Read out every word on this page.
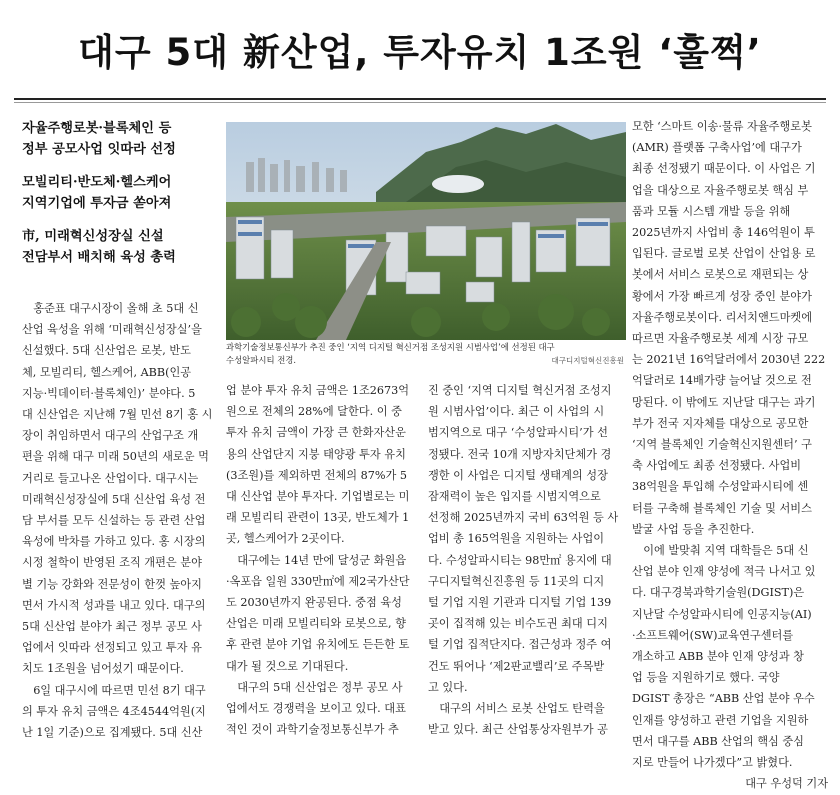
대구 5대 新산업, 투자유치 1조원 ‘훌쩍’
자율주행로봇·블록체인 등
정부 공모사업 잇따라 선정
모빌리티·반도체·헬스케어
지역기업에 투자금 쏟아져
市, 미래혁신성장실 신설
전담부서 배치해 육성 총력
과학기술정보통신부가 추진 중인 ‘지역 디지털 혁신거점 조성지원 시범사업’에 선정된 대구
수성알파시티 전경.	대구디지털혁신진흥원
　홍준표 대구시장이 올해 초 5대 신
산업 육성을 위해 ‘미래혁신성장실’을
신설했다. 5대 신산업은 로봇, 반도
체, 모빌리티, 헬스케어, ABB(인공
지능·빅데이터·블록체인)’ 분야다. 5
대 신산업은 지난해 7월 민선 8기 홍 시
장이 취임하면서 대구의 산업구조 개
편을 위해 대구 미래 50년의 새로운 먹
거리로 들고나온 산업이다. 대구시는
미래혁신성장실에 5대 신산업 육성 전
담 부서를 모두 신설하는 등 관련 산업
육성에 박차를 가하고 있다. 홍 시장의
시정 철학이 반영된 조직 개편은 분야
별 기능 강화와 전문성이 한껏 높아지
면서 가시적 성과를 내고 있다. 대구의
5대 신산업 분야가 최근 정부 공모 사
업에서 잇따라 선정되고 있고 투자 유
치도 1조원을 넘어섰기 때문이다.
　6일 대구시에 따르면 민선 8기 대구
의 투자 유치 금액은 4조4544억원(지
난 1일 기준)으로 집계됐다. 5대 신산
업 분야 투자 유치 금액은 1조2673억
원으로 전체의 28%에 달한다. 이 중
투자 유치 금액이 가장 큰 한화자산운
용의 산업단지 지붕 태양광 투자 유치
(3조원)를 제외하면 전체의 87%가 5
대 신산업 분야 투자다. 기업별로는 미
래 모빌리티 관련이 13곳, 반도체가 1
곳, 헬스케어가 2곳이다.
　대구에는 14년 만에 달성군 화원읍
·옥포읍 일원 330만㎡에 제2국가산단
도 2030년까지 완공된다. 중점 육성
산업은 미래 모빌리티와 로봇으로, 향
후 관련 분야 기업 유치에도 든든한 토
대가 될 것으로 기대된다.
　대구의 5대 신산업은 정부 공모 사
업에서도 경쟁력을 보이고 있다. 대표
적인 것이 과학기술정보통신부가 추
진 중인 ‘지역 디지털 혁신거점 조성지
원 시범사업’이다. 최근 이 사업의 시
범지역으로 대구 ‘수성알파시티’가 선
정됐다. 전국 10개 지방자치단체가 경
쟁한 이 사업은 디지털 생태계의 성장
잠재력이 높은 입지를 시범지역으로
선정해 2025년까지 국비 63억원 등 사
업비 총 165억원을 지원하는 사업이
다. 수성알파시티는 98만㎡ 용지에 대
구디지털혁신진흥원 등 11곳의 디지
털 기업 지원 기관과 디지털 기업 139
곳이 집적해 있는 비수도권 최대 디지
털 기업 집적단지다. 접근성과 정주 여
건도 뛰어나 ‘제2판교밸리’로 주목받
고 있다.
　대구의 서비스 로봇 산업도 탄력을
받고 있다. 최근 산업통상자원부가 공
모한 ‘스마트 이송·물류 자율주행로봇
(AMR) 플랫폼 구축사업’에 대구가
최종 선정됐기 때문이다. 이 사업은 기
업을 대상으로 자율주행로봇 핵심 부
품과 모듈 시스템 개발 등을 위해
2025년까지 사업비 총 146억원이 투
입된다. 글로벌 로봇 산업이 산업용 로
봇에서 서비스 로봇으로 재편되는 상
황에서 가장 빠르게 성장 중인 분야가
자율주행로봇이다. 리서치앤드마켓에
따르면 자율주행로봇 세계 시장 규모
는 2021년 16억달러에서 2030년 222
억달러로 14배가량 늘어날 것으로 전
망된다. 이 밖에도 지난달 대구는 과기
부가 전국 지자체를 대상으로 공모한
‘지역 블록체인 기술혁신지원센터’ 구
축 사업에도 최종 선정됐다. 사업비
38억원을 투입해 수성알파시티에 센
터를 구축해 블록체인 기술 및 서비스
발굴 사업 등을 추진한다.
　이에 발맞춰 지역 대학들은 5대 신
산업 분야 인재 양성에 적극 나서고 있
다. 대구경북과학기술원(DGIST)은
지난달 수성알파시티에 인공지능(AI)
·소프트웨어(SW)교육연구센터를
개소하고 ABB 분야 인재 양성과 창
업 등을 지원하기로 했다. 국양
DGIST 총장은 “ABB 산업 분야 우수
인재를 양성하고 관련 기업을 지원하
면서 대구를 ABB 산업의 핵심 중심
지로 만들어 나가겠다”고 밝혔다.
대구 우성덕 기자
